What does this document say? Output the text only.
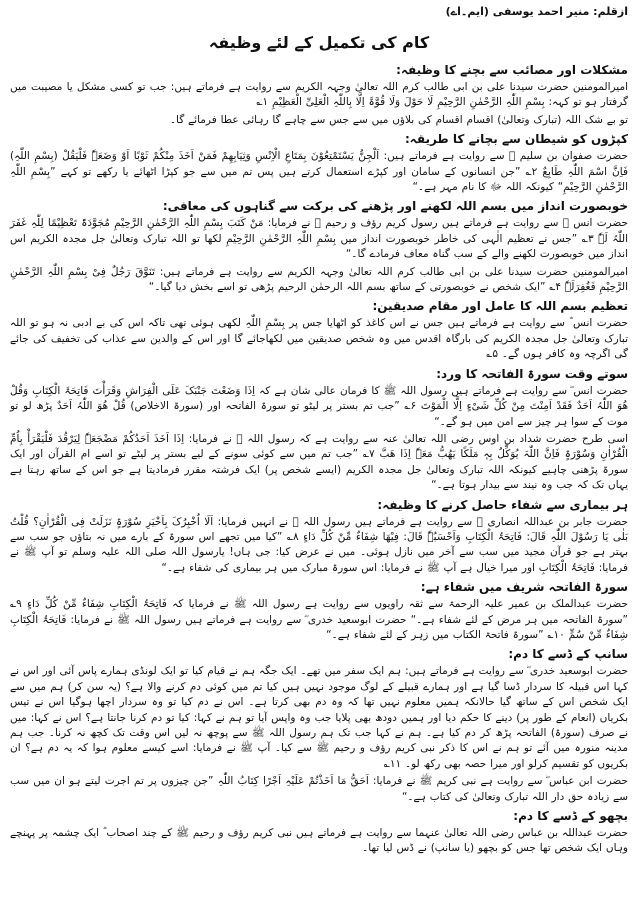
ازقلم: منیر احمد یوسفی (ایم۔اے)
کام کی تکمیل کے لئے وظیفہ
مشکلات اور مصائب سے بچنے کا وظیفہ:

امیرالمومنین حضرت سیدنا علی بن ابی طالب کرم اللہ تعالیٰ وجہہ الکریم سے روایت ہے فرماتے ہیں: جب تو کسی مشکل یا مصیبت میں گرفتار ہو تو کہہ: بِسْمِ اللّٰہِ الرَّحْمٰنِ الرَّحِیْمِ لَا حَوْلَ وَلَا قُوَّۃَ اِلَّا بِاللّٰہِ الْعَلِیِّ الْعَظِیْمِ ۱؎

تو بے شک اللہ (تبارک وتعالیٰ) اقسام اقسام کی بلاؤں میں سے جس سے چاہے گا رہائی عطا فرمائے گا۔

کپڑوں کو شیطان سے بچانے کا طریقہ:

حضرت صفوان بن سلیم ؓ سے روایت ہے فرماتے ہیں: اَلْجِنُّ یَسْتَمْتِعُوْنَ بِمَتَاعِ الْاِنْسِ وَثِیَابِھِمْ فَمَنْ اَخَذَ مِنْکُمْ ثَوْبًا اَوْ وَضَعَہٗ فَلْیَقُلْ (بِسْمِ اللّٰہِ) فَاِنَّ اسْمَ اللّٰہِ طَابِعٌ ۲؎ ”جن انسانوں کے سامان اور کپڑے استعمال کرتے ہیں پس تم میں سے جو کپڑا اٹھائے یا رکھے تو کہے ”بِسْمِ اللّٰہِ الرَّحْمٰنِ الرَّحِیْمِ“ کیونکہ اللہ ﷻ کا نام مہر ہے۔“

خوبصورت انداز میں بسم اللہ لکھنے اور پڑھنے کی برکت سے گناہوں کی معافی:

حضرت انس ؓ سے روایت ہے فرماتے ہیں رسول کریم رؤف و رحیم ﷺ نے فرمایا: مَنْ کَتَبَ بِسْمِ اللّٰہِ الرَّحْمٰنِ الرَّحِیْمِ مُجَوَّدَۃً تَعْظِیْمًا لِلّٰہِ غَفَرَ اللّٰہُ لَہٗ ۳؎ ”جس نے تعظیم الٰہی کی خاطر خوبصورت انداز میں بِسْمِ اللّٰہِ الرَّحْمٰنِ الرَّحِیْمِ لکھا تو اللہ تبارک وتعالیٰ جل مجدہ الکریم اس انداز میں خوبصورت لکھنے والے کے سب گناہ معاف فرمادے گا۔“

امیرالمومنین حضرت سیدنا علی بن ابی طالب کرم اللہ تعالیٰ وجہہ الکریم سے روایت ہے فرماتے ہیں: تَنَوَّقَ رَجُلٌ فِیْ بِسْمِ اللّٰہِ الرَّحْمٰنِ الرَّحِیْمِ فَغُفِرَلَہٗ ۴؎ ”ایک شخص نے خوبصورتی کے ساتھ بسم اللہ الرحمٰن الرحیم پڑھی تو اسے بخش دیا گیا۔“

تعظیم بسم اللہ کا عامل اور مقام صدیقین:

حضرت انس ؓ سے روایت ہے فرماتے ہیں جس نے اس کاغذ کو اٹھایا جس پر بِسْمِ اللّٰہِ لکھی ہوئی تھی تاکہ اس کی بے ادبی نہ ہو تو اللہ تبارک وتعالیٰ جل مجدہ الکریم کی بارگاہ اقدس میں وہ شخص صدیقین میں لکھاجائے گا اور اس کے والدین سے عذاب کی تخفیف کی جائے گی اگرچہ وہ کافر ہوں گے۔ ۵؎

سوتے وقت سورۃ الفاتحہ کا ورد:

حضرت انس ؓ سے روایت ہے فرماتے ہیں رسول اللہ ﷺ کا فرمان عالی شان ہے کہ اِذَا وَضَعْتَ جَنْبَکَ عَلَی الْفِرَاشِ وَقَرَأْتَ فَاتِحَۃَ الْکِتَابِ وَقُلْ ھُوَ اللّٰہُ اَحَدٌ فَقَدْ اَمِنْتَ مِنْ کُلِّ شَیْءٍ اِلَّا الْمَوْتَ ۶؎ ”جب تم بستر پر لیٹو تو سورۃ الفاتحہ اور (سورۃ الاخلاص) قُلْ ھُوَ اللّٰہُ اَحَدٌ پڑھ لو تو موت کے سوا ہر چیز سے امن میں ہو گے۔“

اسی طرح حضرت شداد بن اوس رضی اللہ تعالیٰ عنہ سے روایت ہے کہ رسول اللہ ﷺ نے فرمایا: اِذَا اَخَذَ اَحَدُکُمْ مَضْجَعَہٗ لِیَرْقُدَ فَلْیَقْرَأْ بِاُمِّ الْقُرْاٰنِ وَسُوْرَۃٍ فَاِنَّ اللّٰہَ یُوَکِّلُ بِہٖ مَلَکًا یَھُبُّ مَعَہٗ اِذَا ھَبَّ ۷؎ ”جب تم میں سے کوئی سونے کے لیے بستر پر لیٹے تو اسے ام القرآن اور ایک سورۃ پڑھنی چاہیے کیونکہ اللہ تبارک وتعالیٰ جل مجدہ الکریم (ایسے شخص پر) ایک فرشتہ مقرر فرمادیتا ہے جو اس کے ساتھ رہتا ہے یہاں تک کہ جب وہ نیند سے بیدار ہوتا ہے۔“

ہر بیماری سے شفاء حاصل کرنے کا وظیفہ:

حضرت جابر بن عبداللہ انصاری ؓ سے روایت ہے فرماتے ہیں رسول اللہ ﷺ نے انہیں فرمایا: اَلَا اُخْبِرُکَ بِاَخْیَرِ سُوْرَۃٍ نَزَلَتْ فِی الْقُرْاٰنِ؟ قُلْتُ بَلٰی یَا رَسُوْلَ اللّٰہِ قَالَ: فَاتِحَۃُ الْکِتَابِ وَاَحْسَبُہٗ قَالَ: فِیْھَا شِفَاءٌ مِّنْ کُلِّ دَاءٍ ۸؎ ”کیا میں تجھے اس سورۃ کے بارے میں نہ بتاؤں جو سب سے بہتر ہے جو قرآن مجید میں سب سے آخر میں نازل ہوئی۔ میں نے عرض کیا: جی ہاں! یارسول اللہ صلی اللہ علیہ وسلم تو آپ ﷺ نے فرمایا: فَاتِحَۃُ الْکِتَابِ اور میرا خیال ہے آپ ﷺ نے فرمایا: اس سورۃ مبارک میں ہر بیماری کی شفاء ہے۔“

سورۃ الفاتحہ شریف میں شفاء ہے:

حضرت عبدالملک بن عمیر علیہ الرحمۃ سے ثقہ راویوں سے روایت ہے رسول اللہ ﷺ نے فرمایا کہ فَاتِحَۃُ الْکِتَابِ شِفَاءٌ مِّنْ کُلِّ دَاءٍ ۹؎ ”سورۃ الفاتحہ میں ہر مرض کے لئے شفاء ہے۔“ حضرت ابوسعید خدری ؓ سے روایت ہے فرماتے ہیں رسول اللہ ﷺ نے فرمایا: فَاتِحَۃُ الْکِتَابِ شِفَاءٌ مِّنْ سُمٍّ ۱۰؎ ”سورۃ فاتحۃ الکتاب میں زہر کے لئے شفاء ہے۔“

سانپ کے ڈسے کا دم:

حضرت ابوسعید خدری ؓ سے روایت ہے فرماتے ہیں: ہم ایک سفر میں تھے۔ ایک جگہ ہم نے قیام کیا تو ایک لونڈی ہمارے پاس آئی اور اس نے کہا اس قبیلہ کا سردار ڈسا گیا ہے اور ہمارے قبیلے کے لوگ موجود نہیں ہیں کیا تم میں کوئی دم کرنے والا ہے؟ (یہ سن کر) ہم میں سے ایک شخص اس کے ساتھ گیا حالانکہ ہمیں معلوم نہیں تھا کہ وہ دم بھی کرتا ہے۔ اس نے دم کیا تو وہ سردار اچھا ہوگیا اس نے تیس بکریاں (انعام کے طور پر) دینے کا حکم دیا اور ہمیں دودھ بھی پلایا جب وہ واپس آیا تو ہم نے کہا: کیا تو دم کرنا جانتا ہے؟ اس نے کہا: میں نے صرف (سورۃ) الفاتحہ پڑھ کر دم کیا ہے۔ ہم نے کہا جب تک ہم رسول اللہ ﷺ سے پوچھ نہ لیں اس وقت تک کچھ نہ کرنا۔ جب ہم مدینہ منورہ میں آئے تو ہم نے اس کا ذکر نبی کریم رؤف و رحیم ﷺ سے کیا۔ آپ ﷺ نے فرمایا: اسے کیسے معلوم ہوا کہ یہ دم ہے؟ ان بکریوں کو تقسیم کرلو اور میرا حصہ بھی رکھ لو۔ ۱۱؎

حضرت ابن عباس ؓ سے روایت ہے نبی کریم ﷺ نے فرمایا: اَحَقُّ مَا اَخَذْتُمْ عَلَیْہِ اَجْرًا کِتَابُ اللّٰہِ ”جن چیزوں پر تم اجرت لیتے ہو ان میں سب سے زیادہ حق دار اللہ تبارک وتعالیٰ کی کتاب ہے۔“

بچھو کے ڈسے کا دم:

حضرت عبداللہ بن عباس رضی اللہ تعالیٰ عنہما سے روایت ہے فرماتے ہیں نبی کریم رؤف و رحیم ﷺ کے چند اصحاب ؓ ایک چشمہ پر پہنچے وہاں ایک شخص تھا جس کو بچھو (یا سانپ) نے ڈس لیا تھا۔
